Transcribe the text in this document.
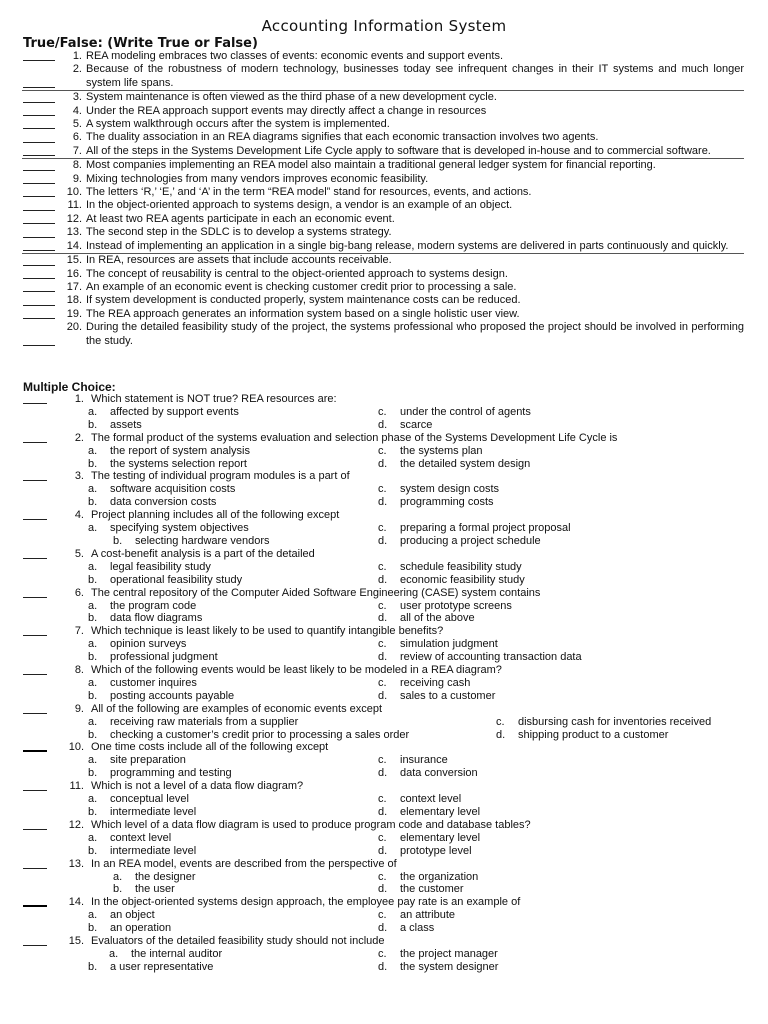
Accounting Information System
True/False: (Write True or False)
1. REA modeling embraces two classes of events: economic events and support events.
2. Because of the robustness of modern technology, businesses today see infrequent changes in their IT systems and much longer system life spans.
3. System maintenance is often viewed as the third phase of a new development cycle.
4. Under the REA approach support events may directly affect a change in resources
5. A system walkthrough occurs after the system is implemented.
6. The duality association in an REA diagrams signifies that each economic transaction involves two agents.
7. All of the steps in the Systems Development Life Cycle apply to software that is developed in-house and to commercial software.
8. Most companies implementing an REA model also maintain a traditional general ledger system for financial reporting.
9. Mixing technologies from many vendors improves economic feasibility.
10. The letters ‘R,’ ‘E,’ and ‘A’ in the term “REA model” stand for resources, events, and actions.
11. In the object-oriented approach to systems design, a vendor is an example of an object.
12. At least two REA agents participate in each an economic event.
13. The second step in the SDLC is to develop a systems strategy.
14. Instead of implementing an application in a single big-bang release, modern systems are delivered in parts continuously and quickly.
15. In REA, resources are assets that include accounts receivable.
16. The concept of reusability is central to the object-oriented approach to systems design.
17. An example of an economic event is checking customer credit prior to processing a sale.
18. If system development is conducted properly, system maintenance costs can be reduced.
19. The REA approach generates an information system based on a single holistic user view.
20. During the detailed feasibility study of the project, the systems professional who proposed the project should be involved in performing the study.
Multiple Choice:
1. Which statement is NOT true? REA resources are:
a.	affected by support events	c.	under the control of agents
b.	assets	d.	scarce
2. The formal product of the systems evaluation and selection phase of the Systems Development Life Cycle is
a.	the report of system analysis	c.	the systems plan
b.	the systems selection report	d.	the detailed system design
3. The testing of individual program modules is a part of
a.	software acquisition costs	c.	system design costs
b.	data conversion costs	d.	programming costs
4. Project planning includes all of the following except
a.	specifying system objectives	c.	preparing a formal project proposal
b.	selecting hardware vendors	d.	producing a project schedule
5. A cost-benefit analysis is a part of the detailed
a.	legal feasibility study	c.	schedule feasibility study
b.	operational feasibility study	d.	economic feasibility study
6. The central repository of the Computer Aided Software Engineering (CASE) system contains
a.	the program code	c.	user prototype screens
b.	data flow diagrams	d.	all of the above
7. Which technique is least likely to be used to quantify intangible benefits?
a.	opinion surveys	c.	simulation judgment
b.	professional judgment	d.	review of accounting transaction data
8. Which of the following events would be least likely to be modeled in a REA diagram?
a.	customer inquires	c.	receiving cash
b.	posting accounts payable	d.	sales to a customer
9. All of the following are examples of economic events except
a.	receiving raw materials from a supplier	c.	disbursing cash for inventories received
b.	checking a customer’s credit prior to processing a sales order	d.	shipping product to a customer
10. One time costs include all of the following except
a.	site preparation	c.	insurance
b.	programming and testing	d.	data conversion
11. Which is not a level of a data flow diagram?
a.	conceptual level	c.	context level
b.	intermediate level	d.	elementary level
12. Which level of a data flow diagram is used to produce program code and database tables?
a.	context level	c.	elementary level
b.	intermediate level	d.	prototype level
13. In an REA model, events are described from the perspective of
a.	the designer	c.	the organization
b.	the user	d.	the customer
14. In the object-oriented systems design approach, the employee pay rate is an example of
a.	an object	c.	an attribute
b.	an operation	d.	a class
15. Evaluators of the detailed feasibility study should not include
a.	the internal auditor	c.	the project manager
b.	a user representative	d.	the system designer
